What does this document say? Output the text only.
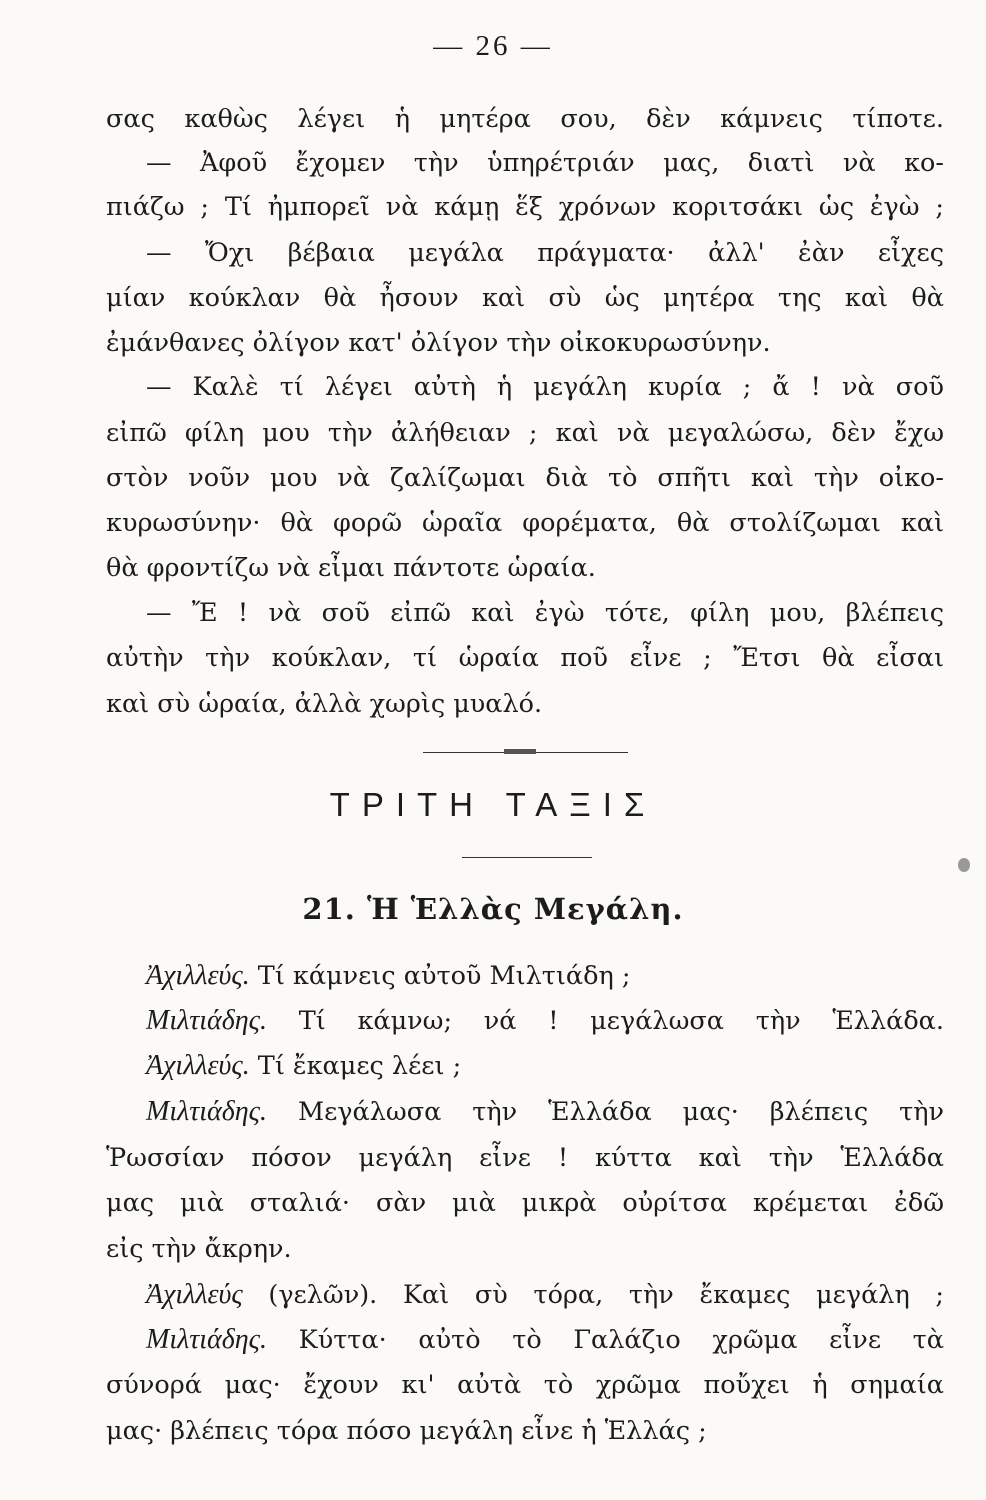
— 26 —
σας καθὼς λέγει ἡ μητέρα σου, δὲν κάμνεις τίποτε.
— Ἀφοῦ ἔχομεν τὴν ὑπηρέτριάν μας, διατὶ νὰ κο-
πιάζω ; Τί ἠμπορεῖ νὰ κάμῃ ἕξ χρόνων κοριτσάκι ὡς ἐγὼ ;
— Ὄχι βέβαια μεγάλα πράγματα· ἀλλ' ἐὰν εἶχες
μίαν κούκλαν θὰ ἦσουν καὶ σὺ ὡς μητέρα της καὶ θὰ
ἐμάνθανες ὀλίγον κατ' ὀλίγον τὴν οἰκοκυρωσύνην.
— Καλὲ τί λέγει αὐτὴ ἡ μεγάλη κυρία ; ἄ ! νὰ σοῦ
εἰπῶ φίλη μου τὴν ἀλήθειαν ; καὶ νὰ μεγαλώσω, δὲν ἔχω
στὸν νοῦν μου νὰ ζαλίζωμαι διὰ τὸ σπῆτι καὶ τὴν οἰκο-
κυρωσύνην· θὰ φορῶ ὡραῖα φορέματα, θὰ στολίζωμαι καὶ
θὰ φροντίζω νὰ εἶμαι πάντοτε ὡραία.
— Ἔ ! νὰ σοῦ εἰπῶ καὶ ἐγὼ τότε, φίλη μου, βλέπεις
αὐτὴν τὴν κούκλαν, τί ὡραία ποῦ εἶνε ; Ἔτσι θὰ εἶσαι
καὶ σὺ ὡραία, ἀλλὰ χωρὶς μυαλό.
ΤΡΙΤΗ ΤΑΞΙΣ
21. Ἡ Ἑλλὰς Μεγάλη.
Ἀχιλλεύς. Τί κάμνεις αὐτοῦ Μιλτιάδη ;
Μιλτιάδης. Τί κάμνω; νά ! μεγάλωσα τὴν Ἑλλάδα.
Ἀχιλλεύς. Τί ἔκαμες λέει ;
Μιλτιάδης. Μεγάλωσα τὴν Ἑλλάδα μας· βλέπεις τὴν
Ῥωσσίαν πόσον μεγάλη εἶνε ! κύττα καὶ τὴν Ἑλλάδα
μας μιὰ σταλιά· σὰν μιὰ μικρὰ οὐρίτσα κρέμεται ἐδῶ
εἰς τὴν ἄκρην.
Ἀχιλλεύς (γελῶν). Καὶ σὺ τόρα, τὴν ἔκαμες μεγάλη ;
Μιλτιάδης. Κύττα· αὐτὸ τὸ Γαλάζιο χρῶμα εἶνε τὰ
σύνορά μας· ἔχουν κι' αὐτὰ τὸ χρῶμα ποὔχει ἡ σημαία
μας· βλέπεις τόρα πόσο μεγάλη εἶνε ἡ Ἑλλάς ;
